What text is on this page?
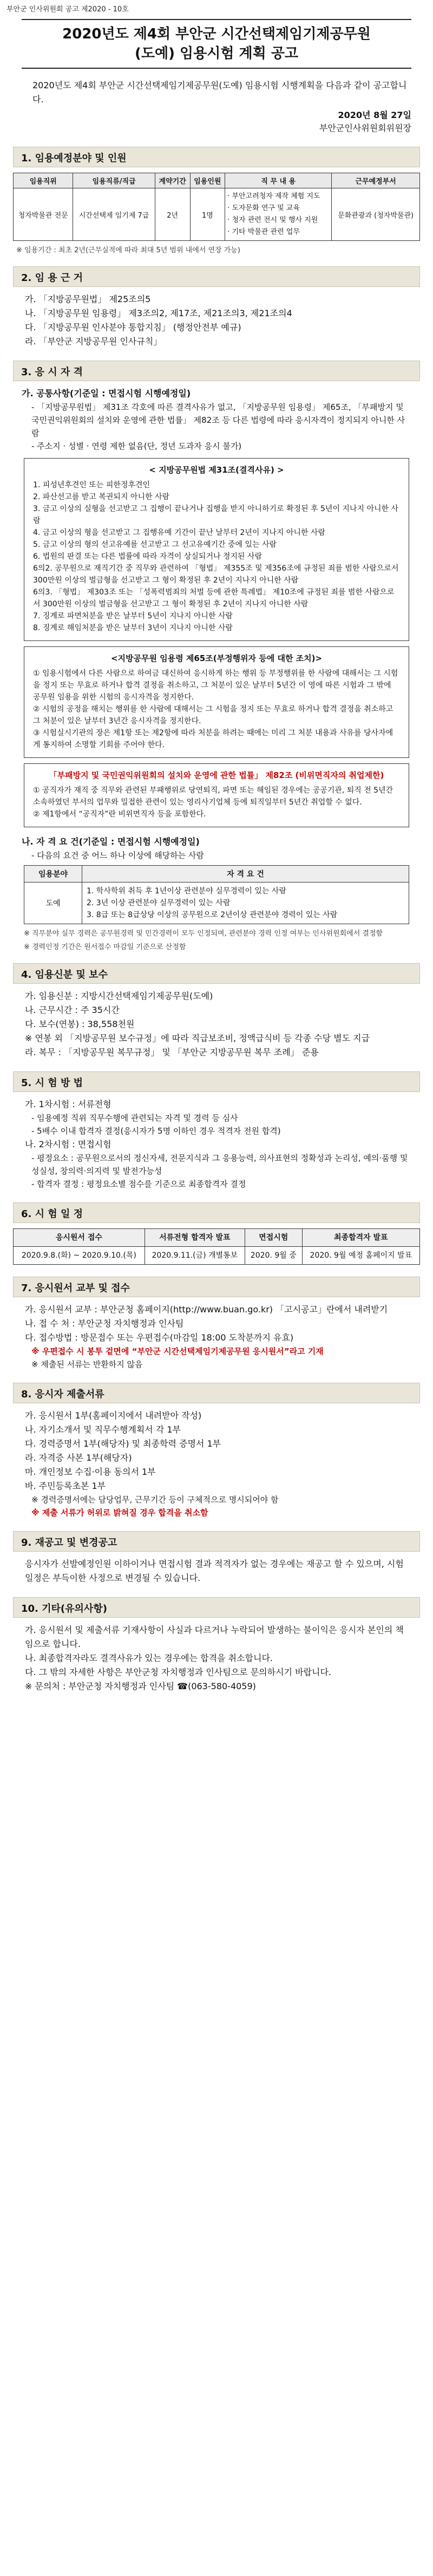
부안군 인사위원회 공고 제2020 - 10호
2020년도 제4회 부안군 시간선택제임기제공무원
(도예) 임용시험 계획 공고
2020년도 제4회 부안군 시간선택제임기제공무원(도예) 임용시험 시행계획을 다음과 같이 공고합니다.
2020년 8월 27일
부안군인사위원회위원장
1. 임용예정분야 및 인원
임용직위	임용직류/직급	계약기간	임용인원	직 무 내 용	근무예정부서
청자박물관 전문	시간선택제 임기제 7급	2년	1명	· 부안고려청자 제작 체험 지도
· 도자문화 연구 및 교육
· 청자 관련 전시 및 행사 지원
· 기타 박물관 관련 업무	문화관광과 (청자박물관)
※ 임용기간 : 최초 2년(근무실적에 따라 최대 5년 범위 내에서 연장 가능)
2. 임 용 근 거
가. 「지방공무원법」 제25조의5
나. 「지방공무원 임용령」 제3조의2, 제17조, 제21조의3, 제21조의4
다. 「지방공무원 인사분야 통합지침」 (행정안전부 예규)
라. 「부안군 지방공무원 인사규칙」
3. 응 시 자 격
가. 공통사항(기준일 : 면접시험 시행예정일)
- 「지방공무원법」 제31조 각호에 따른 결격사유가 없고, 「지방공무원 임용령」 제65조, 「부패방지 및 국민권익위원회의 설치와 운영에 관한 법률」 제82조 등 다른 법령에 따라 응시자격이 정지되지 아니한 사람
- 주소지 · 성별 · 연령 제한 없음(단, 정년 도과자 응시 불가)
< 지방공무원법 제31조(결격사유) >

1. 피성년후견인 또는 피한정후견인

2. 파산선고를 받고 복권되지 아니한 사람

3. 금고 이상의 실형을 선고받고 그 집행이 끝나거나 집행을 받지 아니하기로 확정된 후 5년이 지나지 아니한 사람

4. 금고 이상의 형을 선고받고 그 집행유예 기간이 끝난 날부터 2년이 지나지 아니한 사람

5. 금고 이상의 형의 선고유예를 선고받고 그 선고유예기간 중에 있는 사람

6. 법원의 판결 또는 다른 법률에 따라 자격이 상실되거나 정지된 사람

6의2. 공무원으로 재직기간 중 직무와 관련하여 「형법」 제355조 및 제356조에 규정된 죄를 범한 사람으로서 300만원 이상의 벌금형을 선고받고 그 형이 확정된 후 2년이 지나지 아니한 사람

6의3. 「형법」 제303조 또는 「성폭력범죄의 처벌 등에 관한 특례법」 제10조에 규정된 죄를 범한 사람으로서 300만원 이상의 벌금형을 선고받고 그 형이 확정된 후 2년이 지나지 아니한 사람

7. 징계로 파면처분을 받은 날부터 5년이 지나지 아니한 사람

8. 징계로 해임처분을 받은 날부터 3년이 지나지 아니한 사람

<지방공무원 임용령 제65조(부정행위자 등에 대한 조치)>

① 임용시험에서 다른 사람으로 하여금 대신하여 응시하게 하는 행위 등 부정행위를 한 사람에 대해서는 그 시험을 정지 또는 무효로 하거나 합격 결정을 취소하고, 그 처분이 있은 날부터 5년간 이 영에 따른 시험과 그 밖에 공무원 임용을 위한 시험의 응시자격을 정지한다.

② 시험의 공정을 해치는 행위를 한 사람에 대해서는 그 시험을 정지 또는 무효로 하거나 합격 결정을 취소하고 그 처분이 있은 날부터 3년간 응시자격을 정지한다.

③ 시험실시기관의 장은 제1항 또는 제2항에 따라 처분을 하려는 때에는 미리 그 처분 내용과 사유를 당사자에게 통지하여 소명할 기회를 주어야 한다.

「부패방지 및 국민권익위원회의 설치와 운영에 관한 법률」 제82조 (비위면직자의 취업제한)

① 공직자가 재직 중 직무와 관련된 부패행위로 당연퇴직, 파면 또는 해임된 경우에는 공공기관, 퇴직 전 5년간 소속하였던 부서의 업무와 밀접한 관련이 있는 영리사기업체 등에 퇴직일부터 5년간 취업할 수 없다.

② 제1항에서 “공직자”란 비위면직자 등을 포함한다.

나. 자 격 요 건(기준일 : 면접시험 시행예정일)
- 다음의 요건 중 어느 하나 이상에 해당하는 사람
임용분야	자 격 요 건
도예	1. 학사학위 취득 후 1년이상 관련분야 실무경력이 있는 사람
2. 3년 이상 관련분야 실무경력이 있는 사람
3. 8급 또는 8급상당 이상의 공무원으로 2년이상 관련분야 경력이 있는 사람
※ 직무분야 실무 경력은 공무원경력 및 민간경력이 모두 인정되며, 관련분야 경력 인정 여부는 인사위원회에서 결정함
※ 경력인정 기간은 원서접수 마감일 기준으로 산정함
4. 임용신분 및 보수
가. 임용신분 : 지방시간선택제임기제공무원(도예)
나. 근무시간 : 주 35시간
다. 보수(연봉) : 38,558천원
※ 연봉 외 「지방공무원 보수규정」에 따라 직급보조비, 정액급식비 등 각종 수당 별도 지급
라. 복무 : 「지방공무원 복무규정」 및 「부안군 지방공무원 복무 조례」 준용
5. 시 험 방 법
가. 1차시험 : 서류전형
- 임용예정 직위 직무수행에 관련되는 자격 및 경력 등 심사
- 5배수 이내 합격자 결정(응시자가 5명 이하인 경우 적격자 전원 합격)
나. 2차시험 : 면접시험
- 평정요소 : 공무원으로서의 정신자세, 전문지식과 그 응용능력, 의사표현의 정확성과 논리성, 예의·품행 및 성실성, 창의력·의지력 및 발전가능성
- 합격자 결정 : 평정요소별 점수를 기준으로 최종합격자 결정
6. 시 험 일 정
응시원서 접수	서류전형 합격자 발표	면접시험	최종합격자 발표
2020.9.8.(화) ~ 2020.9.10.(목)	2020.9.11.(금) 개별통보	2020. 9월 중	2020. 9월 예정 홈페이지 발표
7. 응시원서 교부 및 접수
가. 응시원서 교부 : 부안군청 홈페이지(http://www.buan.go.kr) 「고시공고」란에서 내려받기
나. 접 수 처 : 부안군청 자치행정과 인사팀
다. 접수방법 : 방문접수 또는 우편접수(마감일 18:00 도착분까지 유효)
※ 우편접수 시 봉투 겉면에 “부안군 시간선택제임기제공무원 응시원서”라고 기재
※ 제출된 서류는 반환하지 않음
8. 응시자 제출서류
가. 응시원서 1부(홈페이지에서 내려받아 작성)
나. 자기소개서 및 직무수행계획서 각 1부
다. 경력증명서 1부(해당자) 및 최종학력 증명서 1부
라. 자격증 사본 1부(해당자)
마. 개인정보 수집·이용 동의서 1부
바. 주민등록초본 1부
※ 경력증명서에는 담당업무, 근무기간 등이 구체적으로 명시되어야 함
※ 제출 서류가 허위로 밝혀질 경우 합격을 취소함
9. 재공고 및 변경공고
응시자가 선발예정인원 이하이거나 면접시험 결과 적격자가 없는 경우에는 재공고 할 수 있으며, 시험일정은 부득이한 사정으로 변경될 수 있습니다.
10. 기타(유의사항)
가. 응시원서 및 제출서류 기재사항이 사실과 다르거나 누락되어 발생하는 불이익은 응시자 본인의 책임으로 합니다.
나. 최종합격자라도 결격사유가 있는 경우에는 합격을 취소합니다.
다. 그 밖의 자세한 사항은 부안군청 자치행정과 인사팀으로 문의하시기 바랍니다.
※ 문의처 : 부안군청 자치행정과 인사팀 ☎(063-580-4059)
